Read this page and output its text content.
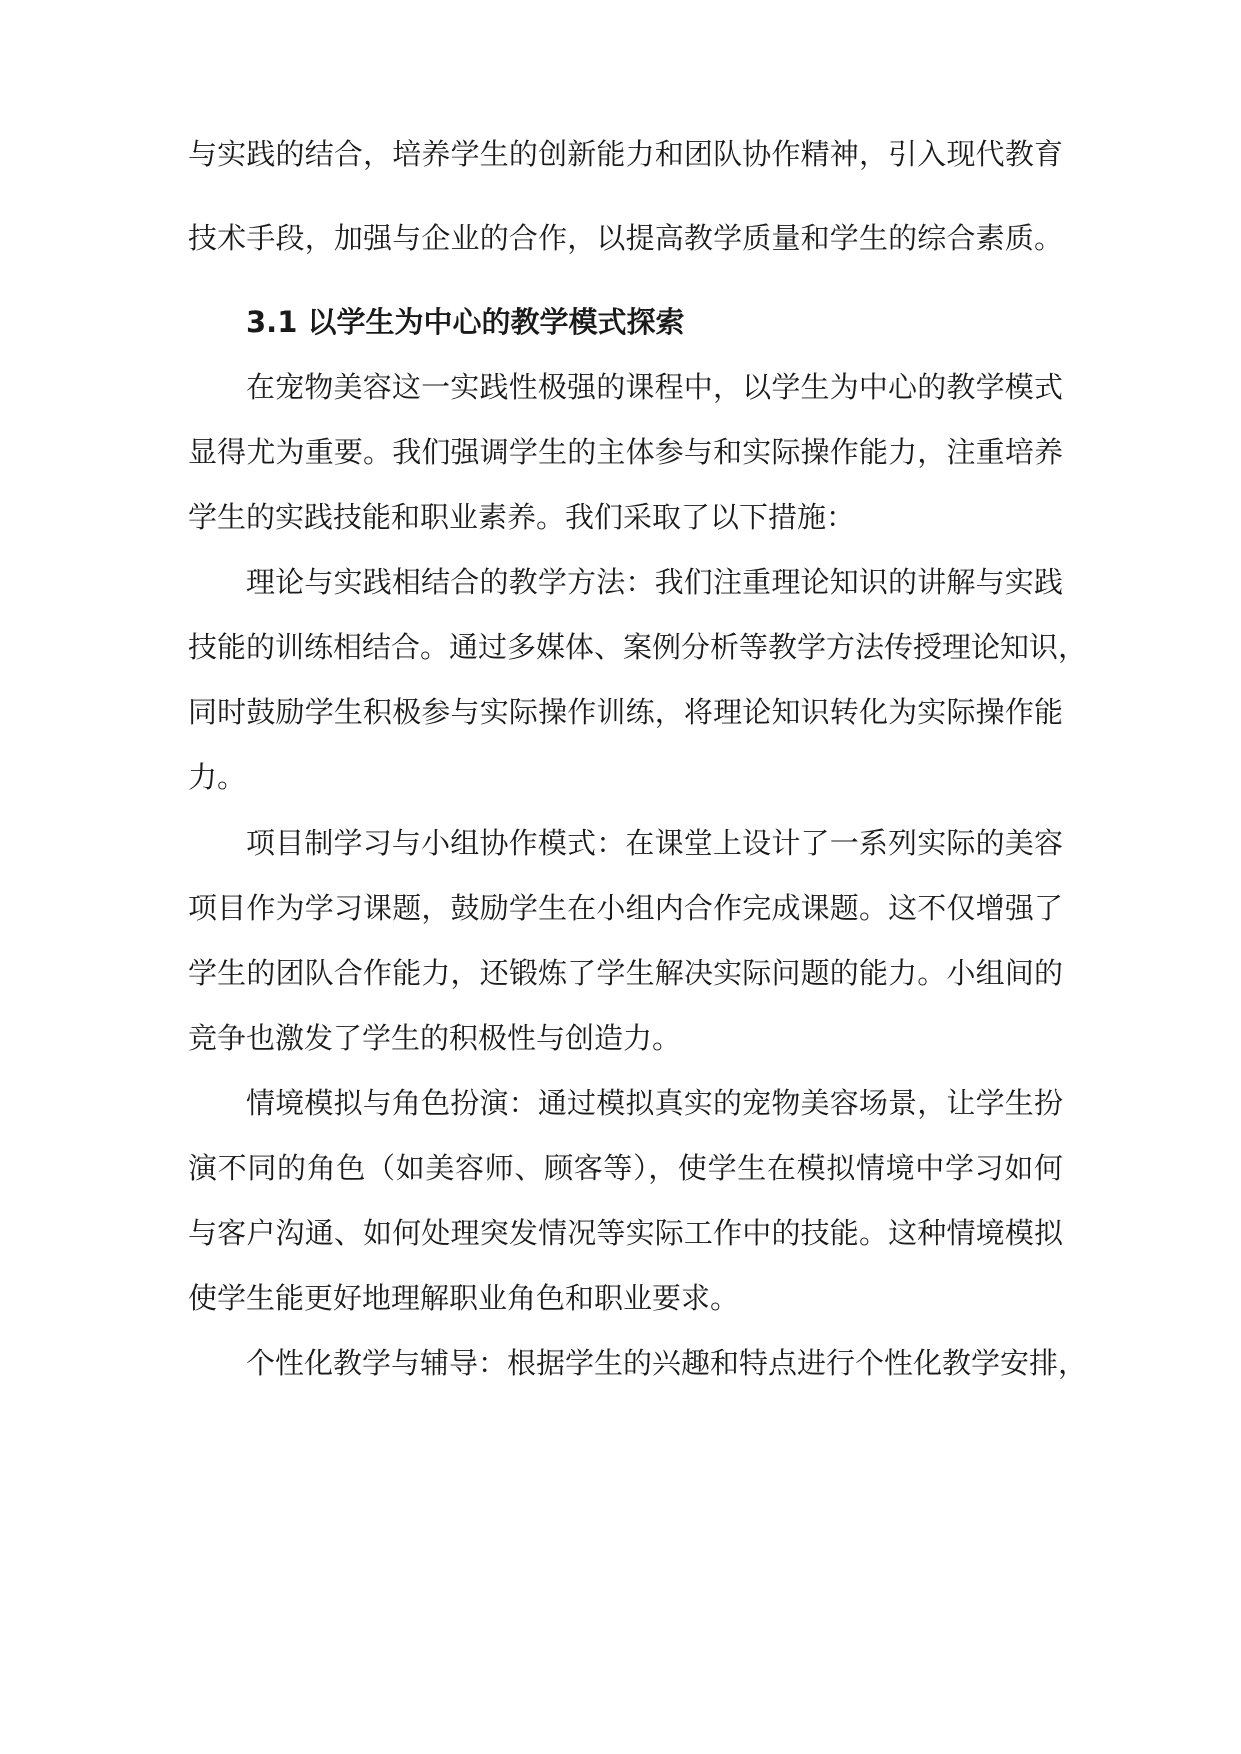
与实践的结合，培养学生的创新能力和团队协作精神，引入现代教育
技术手段，加强与企业的合作，以提高教学质量和学生的综合素质。
3.1 以学生为中心的教学模式探索
在宠物美容这一实践性极强的课程中，以学生为中心的教学模式
显得尤为重要。我们强调学生的主体参与和实际操作能力，注重培养
学生的实践技能和职业素养。我们采取了以下措施：
理论与实践相结合的教学方法：我们注重理论知识的讲解与实践
技能的训练相结合。通过多媒体、案例分析等教学方法传授理论知识，
同时鼓励学生积极参与实际操作训练，将理论知识转化为实际操作能
力。
项目制学习与小组协作模式：在课堂上设计了一系列实际的美容
项目作为学习课题，鼓励学生在小组内合作完成课题。这不仅增强了
学生的团队合作能力，还锻炼了学生解决实际问题的能力。小组间的
竞争也激发了学生的积极性与创造力。
情境模拟与角色扮演：通过模拟真实的宠物美容场景，让学生扮
演不同的角色（如美容师、顾客等），使学生在模拟情境中学习如何
与客户沟通、如何处理突发情况等实际工作中的技能。这种情境模拟
使学生能更好地理解职业角色和职业要求。
个性化教学与辅导：根据学生的兴趣和特点进行个性化教学安排，
